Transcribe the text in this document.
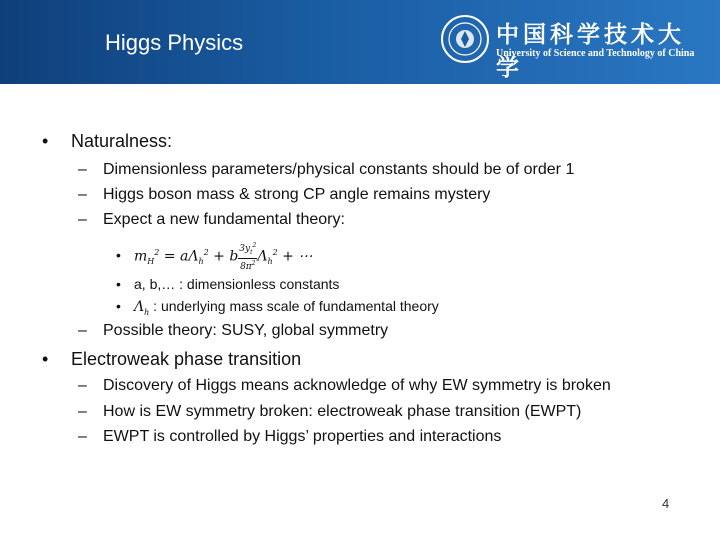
Higgs Physics	中国科学技术大学
University of Science and Technology of China
• Naturalness:
– Dimensionless parameters/physical constants should be of order 1
– Higgs boson mass & strong CP angle remains mystery
– Expect a new fundamental theory:
• $m_H^2 = a\Lambda_h^2 + b \frac{3y_t^2}{8\pi^2} \Lambda_h^2$ + ⋯
• a, b,… : dimensionless constants
• $\Lambda_h$ : underlying mass scale of fundamental theory
– Possible theory: SUSY, global symmetry
• Electroweak phase transition
– Discovery of Higgs means acknowledge of why EW symmetry is broken
– How is EW symmetry broken: electroweak phase transition (EWPT)
– EWPT is controlled by Higgs’ properties and interactions
4
